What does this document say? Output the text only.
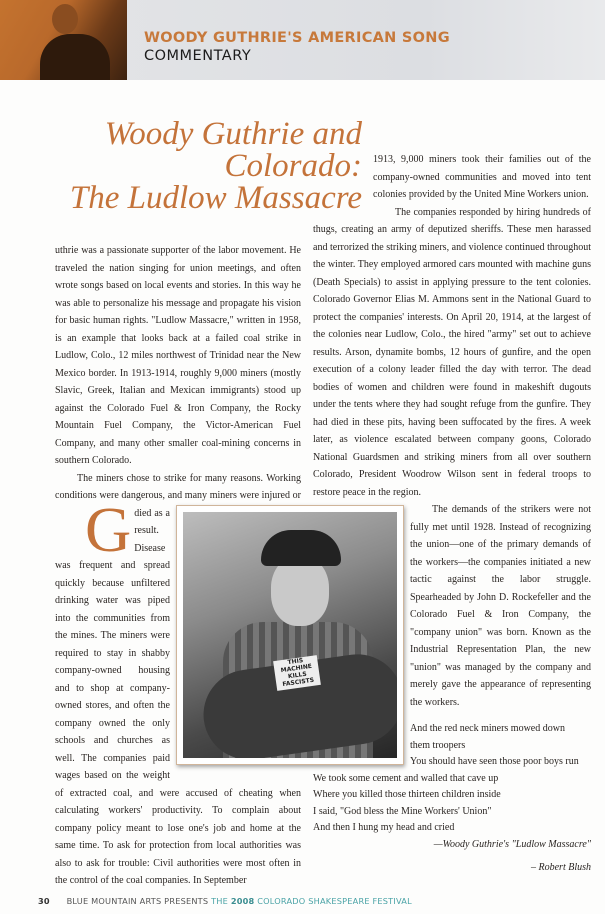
WOODY GUTHRIE'S AMERICAN SONG
COMMENTARY
Woody Guthrie and
Colorado:
The Ludlow Massacre
THIS MACHINE KILLS FASCISTS
G

uthrie was a passionate supporter of the labor movement. He traveled the nation singing for union meetings, and often wrote songs based on local events and stories. In this way he was able to personalize his message and propagate his vision for basic human rights. "Ludlow Massacre," written in 1958, is an example that looks back at a failed coal strike in Ludlow, Colo., 12 miles northwest of Trinidad near the New Mexico border. In 1913-1914, roughly 9,000 miners (mostly Slavic, Greek, Italian and Mexican immigrants) stood up against the Colorado Fuel & Iron Company, the Rocky Mountain Fuel Company, the Victor-American Fuel Company, and many other smaller coal-mining concerns in southern Colorado.

The miners chose to strike for many reasons. Working conditions were dangerous, and many miners were injured or died as a result. Disease was frequent and spread quickly because unfiltered drinking water was piped into the communities from the mines. The miners were required to stay in shabby company-owned housing and to shop at company-owned stores, and often the company owned the only schools and churches as well. The companies paid wages based on the weight of extracted coal, and were accused of cheating when calculating workers' productivity. To complain about company policy meant to lose one's job and home at the same time. To ask for protection from local authorities was also to ask for trouble: Civil authorities were most often in the control of the coal companies. In September

1913, 9,000 miners took their families out of the company-owned communities and moved into tent colonies provided by the United Mine Workers union.

The companies responded by hiring hundreds of thugs, creating an army of deputized sheriffs. These men harassed and terrorized the striking miners, and violence continued throughout the winter. They employed armored cars mounted with machine guns (Death Specials) to assist in applying pressure to the tent colonies. Colorado Governor Elias M. Ammons sent in the National Guard to protect the companies' interests. On April 20, 1914, at the largest of the colonies near Ludlow, Colo., the hired "army" set out to achieve results. Arson, dynamite bombs, 12 hours of gunfire, and the open execution of a colony leader filled the day with terror. The dead bodies of women and children were found in makeshift dugouts under the tents where they had sought refuge from the gunfire. They had died in these pits, having been suffocated by the fires. A week later, as violence escalated between company goons, Colorado National Guardsmen and striking miners from all over southern Colorado, President Woodrow Wilson sent in federal troops to restore peace in the region.

The demands of the strikers were not fully met until 1928. Instead of recognizing the union—one of the primary demands of the workers—the companies initiated a new tactic against the labor struggle. Spearheaded by John D. Rockefeller and the Colorado Fuel & Iron Company, the "company union" was born. Known as the Industrial Representation Plan, the new "union" was managed by the company and merely gave the appearance of representing the workers.

And the red neck miners mowed down
them troopers
You should have seen those poor boys run
We took some cement and walled that cave up
Where you killed those thirteen children inside
I said, "God bless the Mine Workers' Union"
And then I hung my head and cried
—Woody Guthrie's "Ludlow Massacre"
– Robert Blush
30 BLUE MOUNTAIN ARTS PRESENTS THE 2008 COLORADO SHAKESPEARE FESTIVAL
